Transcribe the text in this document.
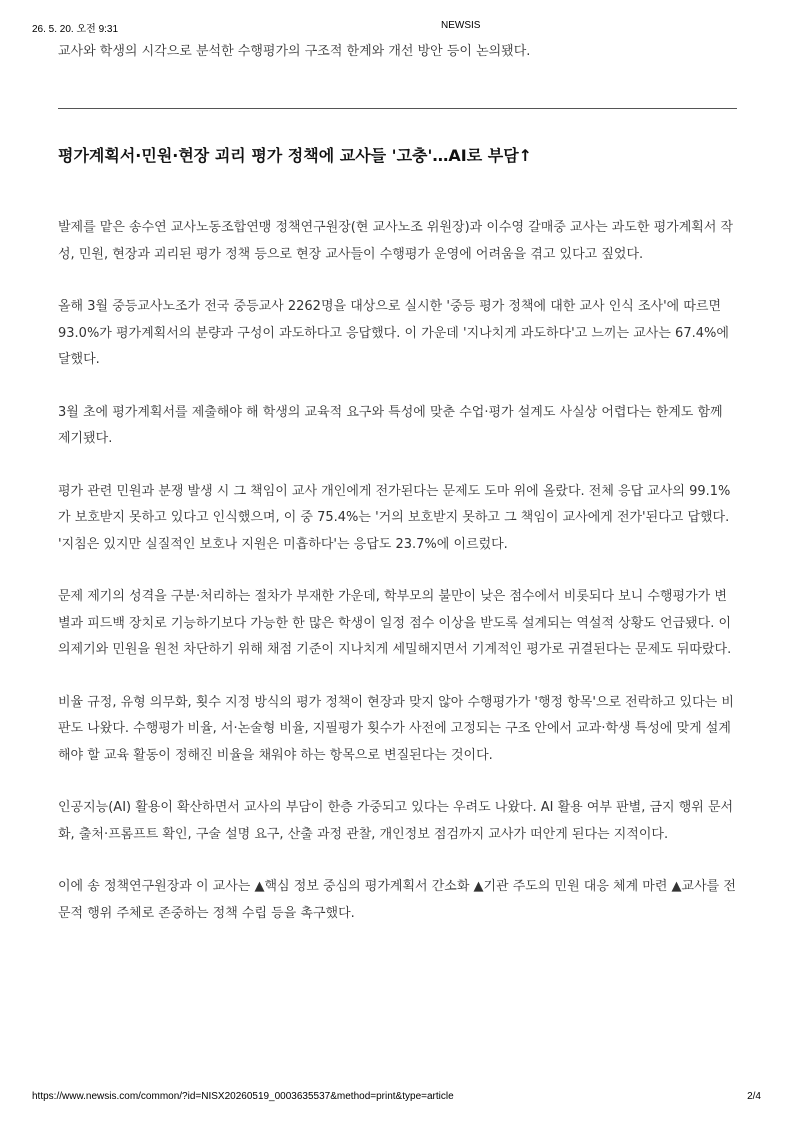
26. 5. 20. 오전 9:31	NEWSIS

교사와 학생의 시각으로 분석한 수행평가의 구조적 한계와 개선 방안 등이 논의됐다.

평가계획서·민원·현장 괴리 평가 정책에 교사들 '고충'…AI로 부담↑

발제를 맡은 송수연 교사노동조합연맹 정책연구원장(현 교사노조 위원장)과 이수영 갈매중 교사는 과도한 평가계획서 작성, 민원, 현장과 괴리된 평가 정책 등으로 현장 교사들이 수행평가 운영에 어려움을 겪고 있다고 짚었다.

올해 3월 중등교사노조가 전국 중등교사 2262명을 대상으로 실시한 '중등 평가 정책에 대한 교사 인식 조사'에 따르면 93.0%가 평가계획서의 분량과 구성이 과도하다고 응답했다. 이 가운데 '지나치게 과도하다'고 느끼는 교사는 67.4%에 달했다.

3월 초에 평가계획서를 제출해야 해 학생의 교육적 요구와 특성에 맞춘 수업·평가 설계도 사실상 어렵다는 한계도 함께 제기됐다.

평가 관련 민원과 분쟁 발생 시 그 책임이 교사 개인에게 전가된다는 문제도 도마 위에 올랐다. 전체 응답 교사의 99.1%가 보호받지 못하고 있다고 인식했으며, 이 중 75.4%는 '거의 보호받지 못하고 그 책임이 교사에게 전가'된다고 답했다. '지침은 있지만 실질적인 보호나 지원은 미흡하다'는 응답도 23.7%에 이르렀다.

문제 제기의 성격을 구분·처리하는 절차가 부재한 가운데, 학부모의 불만이 낮은 점수에서 비롯되다 보니 수행평가가 변별과 피드백 장치로 기능하기보다 가능한 한 많은 학생이 일정 점수 이상을 받도록 설계되는 역설적 상황도 언급됐다. 이의제기와 민원을 원천 차단하기 위해 채점 기준이 지나치게 세밀해지면서 기계적인 평가로 귀결된다는 문제도 뒤따랐다.

비율 규정, 유형 의무화, 횟수 지정 방식의 평가 정책이 현장과 맞지 않아 수행평가가 '행정 항목'으로 전락하고 있다는 비판도 나왔다. 수행평가 비율, 서·논술형 비율, 지필평가 횟수가 사전에 고정되는 구조 안에서 교과·학생 특성에 맞게 설계해야 할 교육 활동이 정해진 비율을 채워야 하는 항목으로 변질된다는 것이다.

인공지능(AI) 활용이 확산하면서 교사의 부담이 한층 가중되고 있다는 우려도 나왔다. AI 활용 여부 판별, 금지 행위 문서화, 출처·프롬프트 확인, 구술 설명 요구, 산출 과정 관찰, 개인정보 점검까지 교사가 떠안게 된다는 지적이다.

이에 송 정책연구원장과 이 교사는 ▲핵심 정보 중심의 평가계획서 간소화 ▲기관 주도의 민원 대응 체계 마련 ▲교사를 전문적 행위 주체로 존중하는 정책 수립 등을 촉구했다.

https://www.newsis.com/common/?id=NISX20260519_0003635537&method=print&type=article	2/4
